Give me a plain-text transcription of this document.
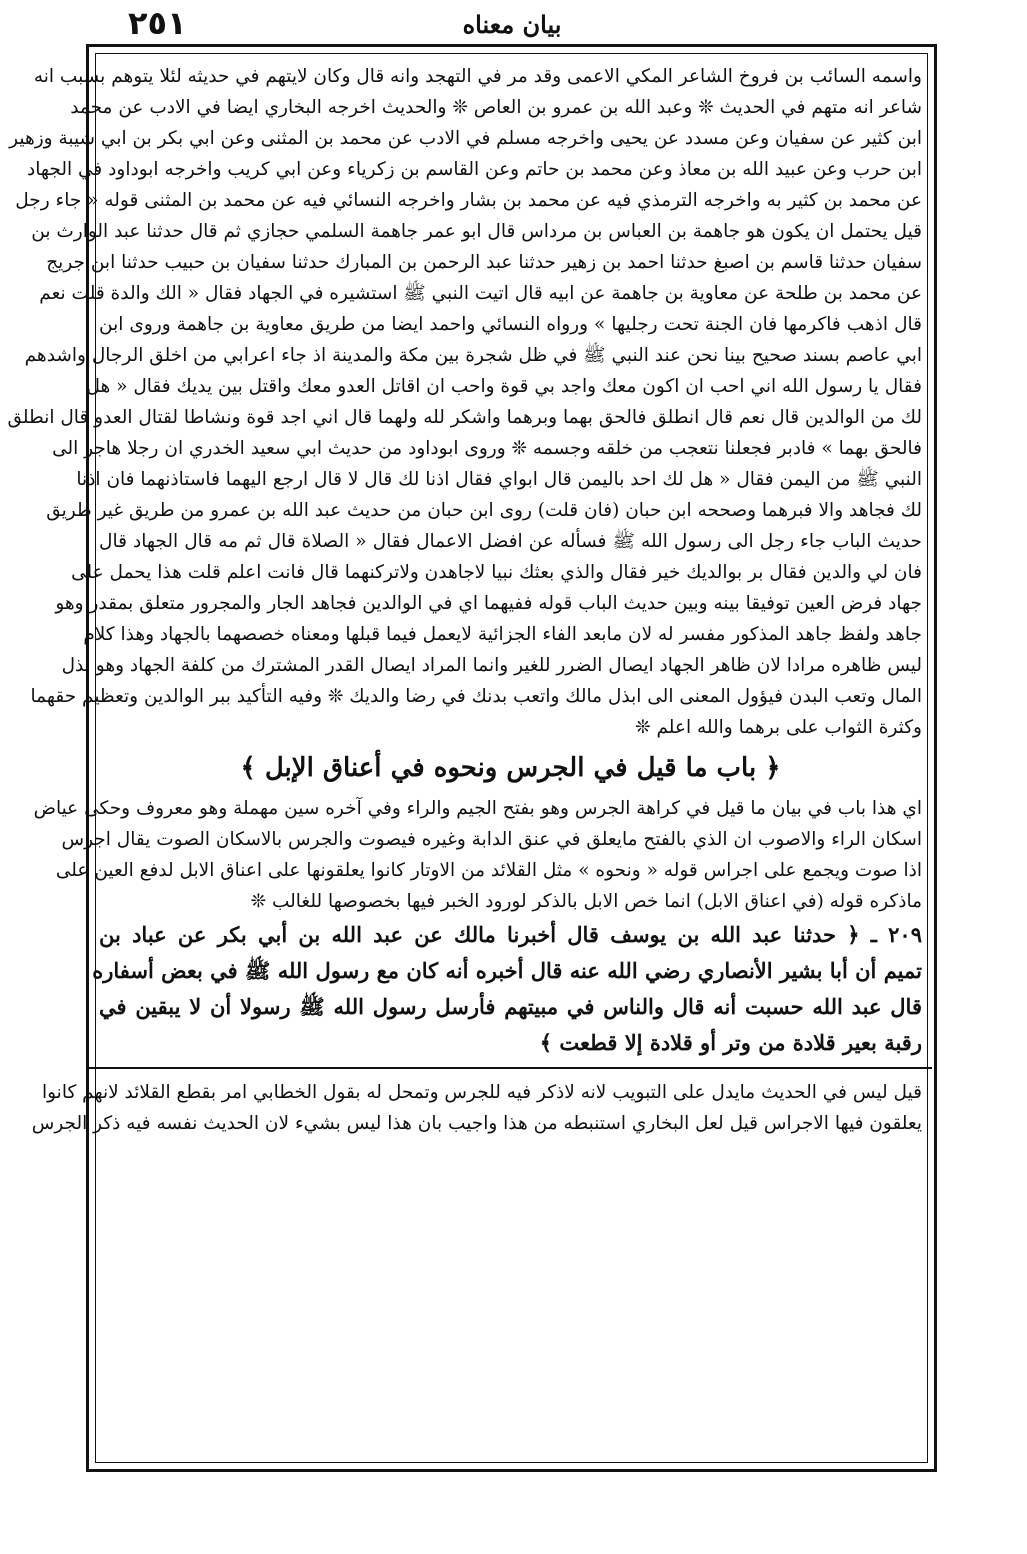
٢٥١	بيان معناه
واسمه السائب بن فروخ الشاعر المكي الاعمى وقد مر في التهجد وانه قال وكان لايتهم في حديثه لئلا يتوهم بسبب انه
شاعر انه متهم في الحديث ❊ وعبد الله بن عمرو بن العاص ❊ والحديث اخرجه البخاري ايضا في الادب عن محمد
ابن كثير عن سفيان وعن مسدد عن يحيى واخرجه مسلم في الادب عن محمد بن المثنى وعن ابي بكر بن ابي شيبة وزهير
ابن حرب وعن عبيد الله بن معاذ وعن محمد بن حاتم وعن القاسم بن زكرياء وعن ابي كريب واخرجه ابوداود في الجهاد
عن محمد بن كثير به واخرجه الترمذي فيه عن محمد بن بشار واخرجه النسائي فيه عن محمد بن المثنى قوله « جاء رجل
قيل يحتمل ان يكون هو جاهمة بن العباس بن مرداس قال ابو عمر جاهمة السلمي حجازي ثم قال حدثنا عبد الوارث بن
سفيان حدثنا قاسم بن اصبغ حدثنا احمد بن زهير حدثنا عبد الرحمن بن المبارك حدثنا سفيان بن حبيب حدثنا ابن جريج
عن محمد بن طلحة عن معاوية بن جاهمة عن ابيه قال اتيت النبي ﷺ استشيره في الجهاد فقال « الك والدة قلت نعم
قال اذهب فاكرمها فان الجنة تحت رجليها » ورواه النسائي واحمد ايضا من طريق معاوية بن جاهمة وروى ابن
ابي عاصم بسند صحيح بينا نحن عند النبي ﷺ في ظل شجرة بين مكة والمدينة اذ جاء اعرابي من اخلق الرجال واشدهم
فقال يا رسول الله اني احب ان اكون معك واجد بي قوة واحب ان اقاتل العدو معك واقتل بين يديك فقال « هل
لك من الوالدين قال نعم قال انطلق فالحق بهما وبرهما واشكر لله ولهما قال اني اجد قوة ونشاطا لقتال العدو قال انطلق
فالحق بهما » فادبر فجعلنا نتعجب من خلقه وجسمه ❊ وروى ابوداود من حديث ابي سعيد الخدري ان رجلا هاجر الى
النبي ﷺ من اليمن فقال « هل لك احد باليمن قال ابواي فقال اذنا لك قال لا قال ارجع اليهما فاستاذنهما فان اذنا
لك فجاهد والا فبرهما وصححه ابن حبان (فان قلت) روى ابن حبان من حديث عبد الله بن عمرو من طريق غير طريق
حديث الباب جاء رجل الى رسول الله ﷺ فسأله عن افضل الاعمال فقال « الصلاة قال ثم مه قال الجهاد قال
فان لي والدين فقال بر بوالديك خير فقال والذي بعثك نبيا لاجاهدن ولاتركنهما قال فانت اعلم قلت هذا يحمل على
جهاد فرض العين توفيقا بينه وبين حديث الباب قوله ففيهما اي في الوالدين فجاهد الجار والمجرور متعلق بمقدر وهو
جاهد ولفظ جاهد المذكور مفسر له لان مابعد الفاء الجزائية لايعمل فيما قبلها ومعناه خصصهما بالجهاد وهذا كلام
ليس ظاهره مرادا لان ظاهر الجهاد ايصال الضرر للغير وانما المراد ايصال القدر المشترك من كلفة الجهاد وهو بذل
المال وتعب البدن فيؤول المعنى الى ابذل مالك واتعب بدنك في رضا والديك ❊ وفيه التأكيد ببر الوالدين وتعظيم حقهما
وكثرة الثواب على برهما والله اعلم ❊
﴿ باب ما قيل في الجرس ونحوه في أعناق الإبل ﴾
اي هذا باب في بيان ما قيل في كراهة الجرس وهو بفتح الجيم والراء وفي آخره سين مهملة وهو معروف وحكى عياض
اسكان الراء والاصوب ان الذي بالفتح مايعلق في عنق الدابة وغيره فيصوت والجرس بالاسكان الصوت يقال اجرس
اذا صوت ويجمع على اجراس قوله « ونحوه » مثل القلائد من الاوتار كانوا يعلقونها على اعناق الابل لدفع العين على
ماذكره قوله (في اعناق الابل) انما خص الابل بالذكر لورود الخبر فيها بخصوصها للغالب ❊
٢٠٩ ـ ﴿ حدثنا عبد الله بن يوسف قال أخبرنا مالك عن عبد الله بن أبي بكر عن عباد بن
تميم أن أبا بشير الأنصاري رضي الله عنه قال أخبره أنه كان مع رسول الله ﷺ في بعض أسفاره
قال عبد الله حسبت أنه قال والناس في مبيتهم فأرسل رسول الله ﷺ رسولا أن لا يبقين في
رقبة بعير قلادة من وتر أو قلادة إلا قطعت ﴾
قيل ليس في الحديث مايدل على التبويب لانه لاذكر فيه للجرس وتمحل له بقول الخطابي امر بقطع القلائد لانهم كانوا
يعلقون فيها الاجراس قيل لعل البخاري استنبطه من هذا واجيب بان هذا ليس بشيء لان الحديث نفسه فيه ذكر الجرس
